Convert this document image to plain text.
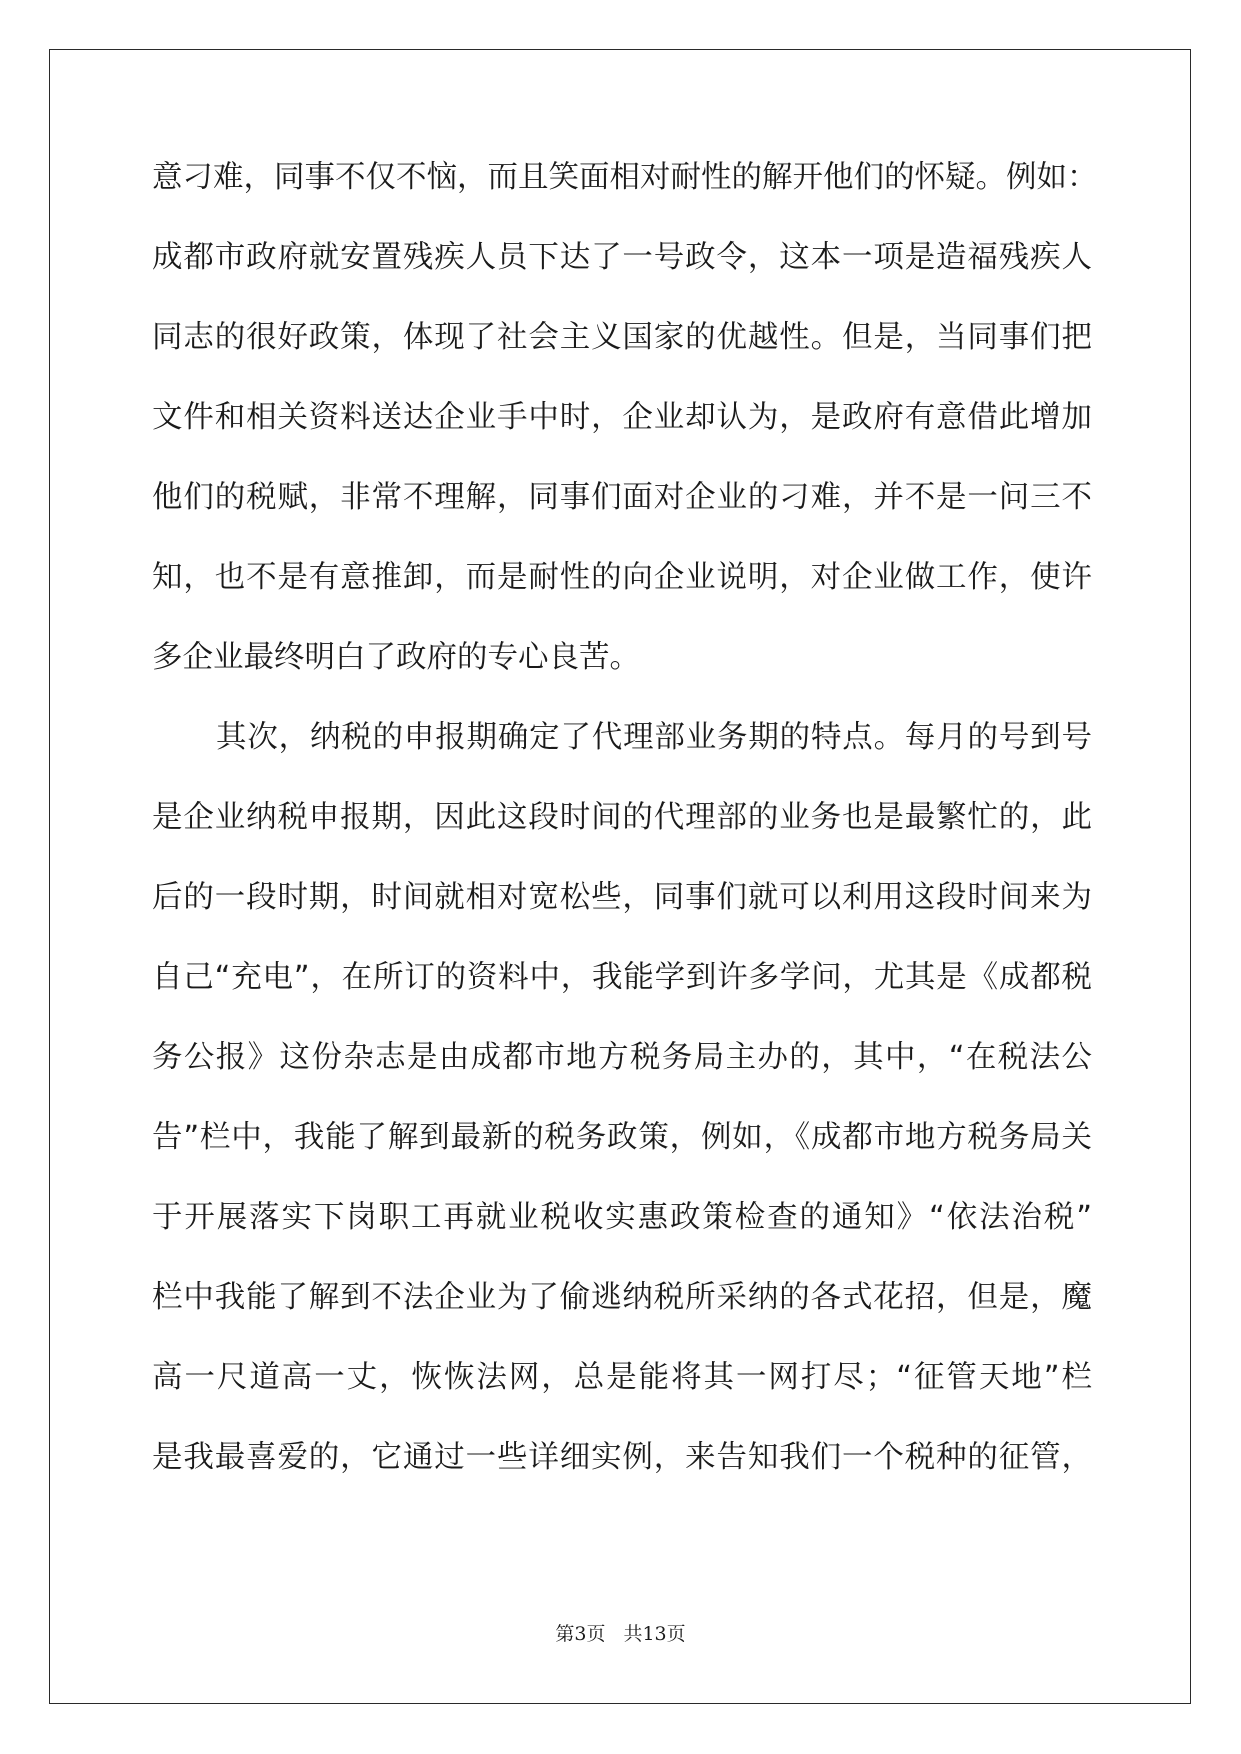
意刁难，同事不仅不恼，而且笑面相对耐性的解开他们的怀疑。例如：
成都市政府就安置残疾人员下达了一号政令，这本一项是造福残疾人
同志的很好政策，体现了社会主义国家的优越性。但是，当同事们把
文件和相关资料送达企业手中时，企业却认为，是政府有意借此增加
他们的税赋，非常不理解，同事们面对企业的刁难，并不是一问三不
知，也不是有意推卸，而是耐性的向企业说明，对企业做工作，使许
多企业最终明白了政府的专心良苦。
其次，纳税的申报期确定了代理部业务期的特点。每月的号到号
是企业纳税申报期，因此这段时间的代理部的业务也是最繁忙的，此
后的一段时期，时间就相对宽松些，同事们就可以利用这段时间来为
自己“充电”，在所订的资料中，我能学到许多学问，尤其是《成都税
务公报》这份杂志是由成都市地方税务局主办的，其中，“在税法公
告”栏中，我能了解到最新的税务政策，例如，《成都市地方税务局关
于开展落实下岗职工再就业税收实惠政策检查的通知》“依法治税”
栏中我能了解到不法企业为了偷逃纳税所采纳的各式花招，但是，魔
高一尺道高一丈，恢恢法网，总是能将其一网打尽；“征管天地”栏
是我最喜爱的，它通过一些详细实例，来告知我们一个税种的征管，
第3页 共13页
